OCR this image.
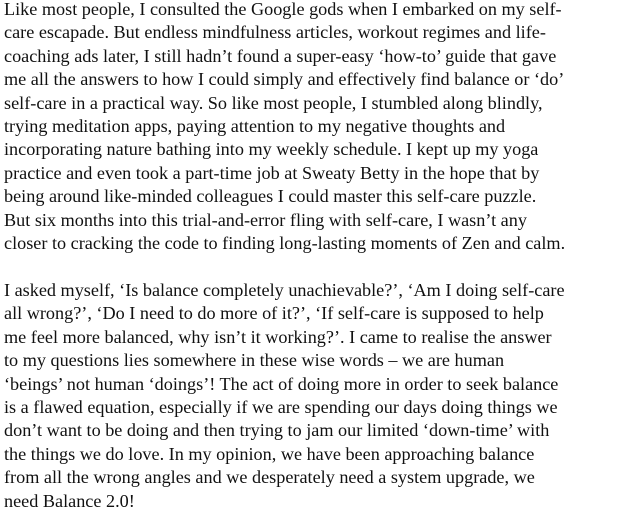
Like most people, I consulted the Google gods when I embarked on my self-
care escapade. But endless mindfulness articles, workout regimes and life-
coaching ads later, I still hadn’t found a super-easy ‘how-to’ guide that gave
me all the answers to how I could simply and effectively find balance or ‘do’
self-care in a practical way. So like most people, I stumbled along blindly,
trying meditation apps, paying attention to my negative thoughts and
incorporating nature bathing into my weekly schedule. I kept up my yoga
practice and even took a part-time job at Sweaty Betty in the hope that by
being around like-minded colleagues I could master this self-care puzzle.
But six months into this trial-and-error fling with self-care, I wasn’t any
closer to cracking the code to finding long-lasting moments of Zen and calm.

I asked myself, ‘Is balance completely unachievable?’, ‘Am I doing self-care
all wrong?’, ‘Do I need to do more of it?’, ‘If self-care is supposed to help
me feel more balanced, why isn’t it working?’. I came to realise the answer
to my questions lies somewhere in these wise words – we are human
‘beings’ not human ‘doings’! The act of doing more in order to seek balance
is a flawed equation, especially if we are spending our days doing things we
don’t want to be doing and then trying to jam our limited ‘down-time’ with
the things we do love. In my opinion, we have been approaching balance
from all the wrong angles and we desperately need a system upgrade, we
need Balance 2.0!
